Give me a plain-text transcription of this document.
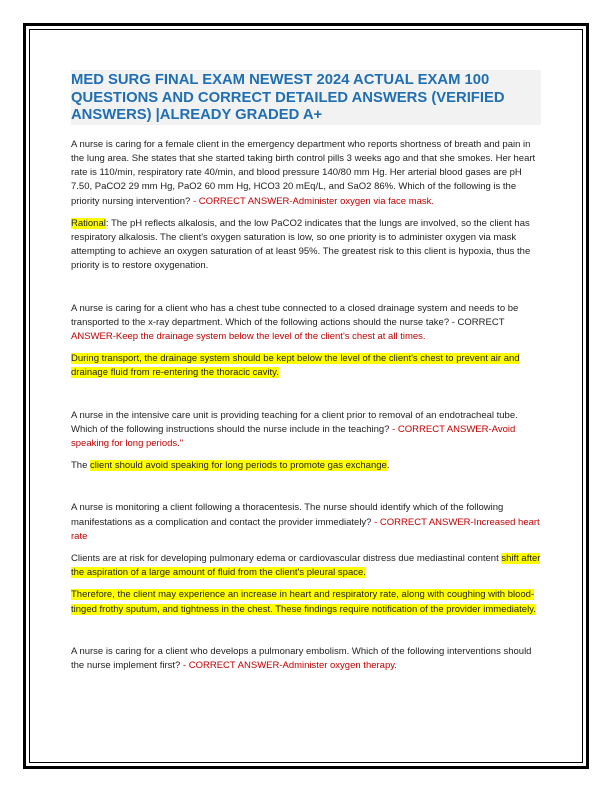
MED SURG FINAL EXAM NEWEST 2024 ACTUAL EXAM 100 QUESTIONS AND CORRECT DETAILED ANSWERS (VERIFIED ANSWERS) |ALREADY GRADED A+

A nurse is caring for a female client in the emergency department who reports shortness of breath and pain in the lung area. She states that she started taking birth control pills 3 weeks ago and that she smokes. Her heart rate is 110/min, respiratory rate 40/min, and blood pressure 140/80 mm Hg. Her arterial blood gases are pH 7.50, PaCO2 29 mm Hg, PaO2 60 mm Hg, HCO3 20 mEq/L, and SaO2 86%. Which of the following is the priority nursing intervention? - CORRECT ANSWER-Administer oxygen via face mask.

Rational: The pH reflects alkalosis, and the low PaCO2 indicates that the lungs are involved, so the client has respiratory alkalosis. The client's oxygen saturation is low, so one priority is to administer oxygen via mask attempting to achieve an oxygen saturation of at least 95%. The greatest risk to this client is hypoxia, thus the priority is to restore oxygenation.

A nurse is caring for a client who has a chest tube connected to a closed drainage system and needs to be transported to the x-ray department. Which of the following actions should the nurse take? - CORRECT ANSWER-Keep the drainage system below the level of the client's chest at all times.

During transport, the drainage system should be kept below the level of the client's chest to prevent air and drainage fluid from re-entering the thoracic cavity.

A nurse in the intensive care unit is providing teaching for a client prior to removal of an endotracheal tube. Which of the following instructions should the nurse include in the teaching? - CORRECT ANSWER-Avoid speaking for long periods."

The client should avoid speaking for long periods to promote gas exchange.

A nurse is monitoring a client following a thoracentesis. The nurse should identify which of the following manifestations as a complication and contact the provider immediately? - CORRECT ANSWER-Increased heart rate

Clients are at risk for developing pulmonary edema or cardiovascular distress due mediastinal content shift after the aspiration of a large amount of fluid from the client's pleural space.

Therefore, the client may experience an increase in heart and respiratory rate, along with coughing with blood-tinged frothy sputum, and tightness in the chest. These findings require notification of the provider immediately.

A nurse is caring for a client who develops a pulmonary embolism. Which of the following interventions should the nurse implement first? - CORRECT ANSWER-Administer oxygen therapy.
